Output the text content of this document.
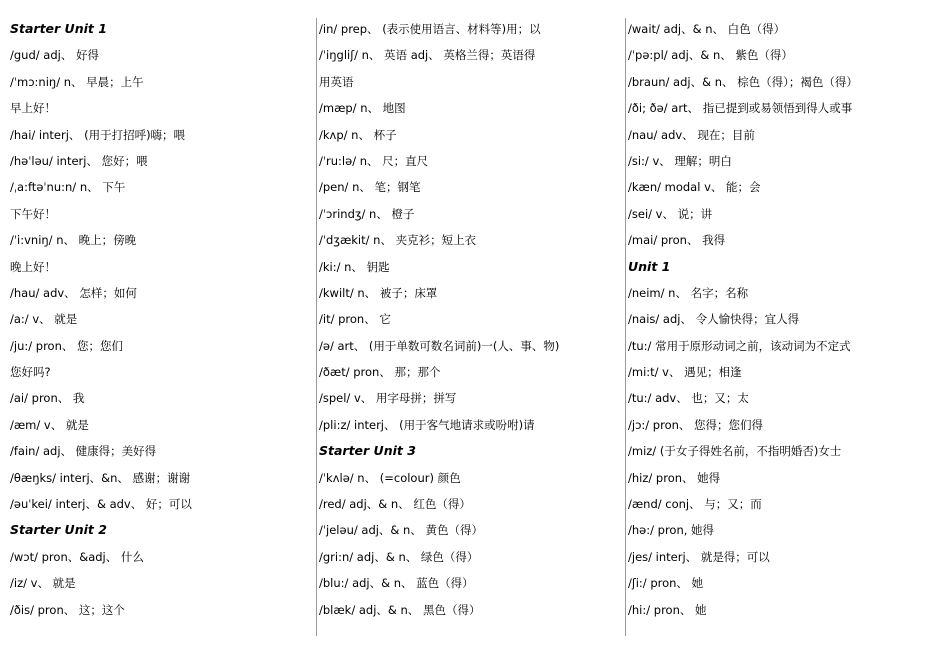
Starter Unit 1
/gud/ adj、 好得
/ˈmɔ:niŋ/ n、 早晨；上午
早上好！
/hai/ interj、 (用于打招呼)嗨；喂
/həˈləu/ interj、 您好；喂
/ˌa:ftəˈnu:n/ n、 下午
下午好！
/ˈi:vniŋ/ n、 晚上；傍晚
晚上好！
/hau/ adv、 怎样；如何
/a:/ v、 就是
/ju:/ pron、 您；您们
您好吗?
/ai/ pron、 我
/æm/ v、 就是
/fain/ adj、 健康得；美好得
/θæŋks/ interj、&n、 感谢；谢谢
/əuˈkei/ interj、& adv、 好；可以
Starter Unit 2
/wɔt/ pron、&adj、 什么
/iz/ v、 就是
/ðis/ pron、 这；这个
/in/ prep、 (表示使用语言、材料等)用；以
/ˈiŋgliʃ/ n、 英语 adj、 英格兰得；英语得
用英语
/mæp/ n、 地图
/kʌp/ n、 杯子
/ˈru:lə/ n、 尺；直尺
/pen/ n、 笔；钢笔
/ˈɔrindʒ/ n、 橙子
/ˈdʒækit/ n、 夹克衫；短上衣
/ki:/ n、 钥匙
/kwilt/ n、 被子；床罩
/it/ pron、 它
/ə/ art、 (用于单数可数名词前)一(人、事、物)
/ðæt/ pron、 那；那个
/spel/ v、 用字母拼；拼写
/pli:z/ interj、 (用于客气地请求或吩咐)请
Starter Unit 3
/ˈkʌlə/ n、 (=colour) 颜色
/red/ adj、& n、 红色（得）
/ˈjeləu/ adj、& n、 黄色（得）
/gri:n/ adj、& n、 绿色（得）
/blu:/ adj、& n、 蓝色（得）
/blæk/ adj、& n、 黑色（得）
/wait/ adj、& n、 白色（得）
/ˈpə:pl/ adj、& n、 紫色（得）
/braun/ adj、& n、 棕色（得）；褐色（得）
/ði; ðə/ art、 指已提到或易领悟到得人或事
/nau/ adv、 现在；目前
/si:/ v、 理解；明白
/kæn/ modal v、 能；会
/sei/ v、 说；讲
/mai/ pron、 我得
Unit 1
/neim/ n、 名字；名称
/nais/ adj、 令人愉快得；宜人得
/tu:/ 常用于原形动词之前，该动词为不定式
/mi:t/ v、 遇见；相逢
/tu:/ adv、 也；又；太
/jɔ:/ pron、 您得；您们得
/miz/ (于女子得姓名前，不指明婚否)女士
/hiz/ pron、 她得
/ænd/ conj、 与；又；而
/hə:/ pron, 她得
/jes/ interj、 就是得；可以
/ʃi:/ pron、 她
/hi:/ pron、 她
